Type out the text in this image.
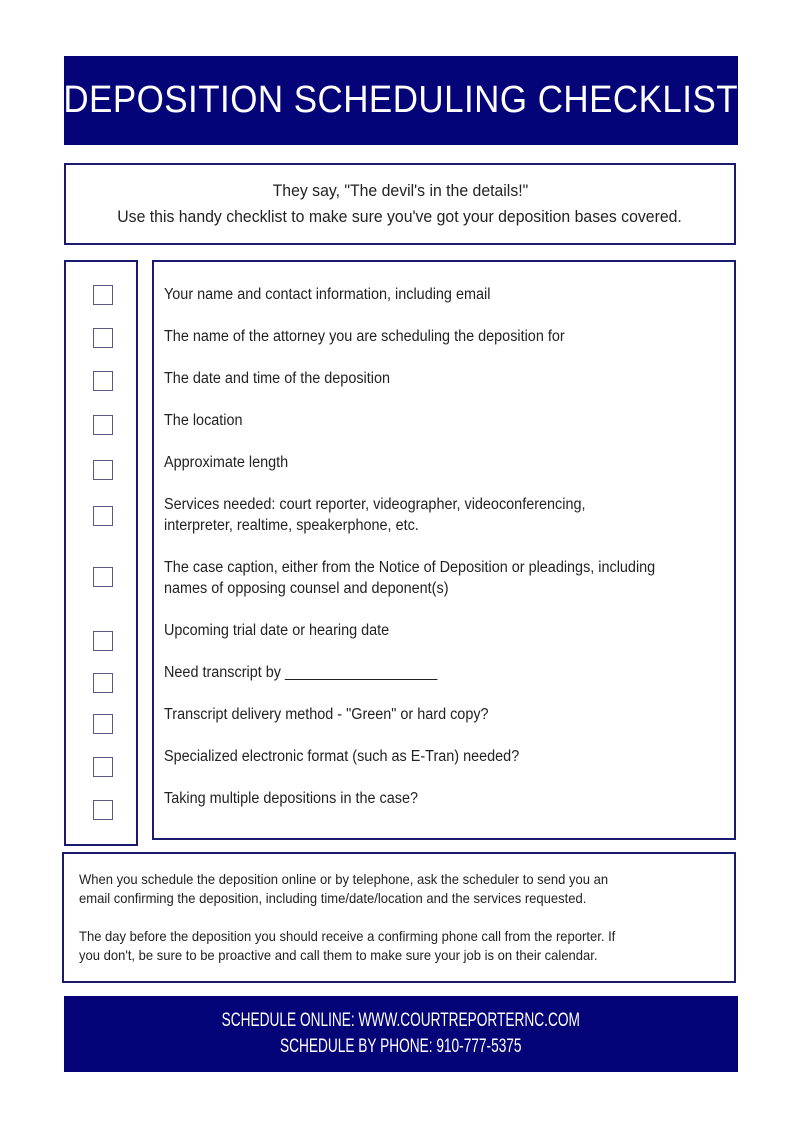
DEPOSITION SCHEDULING CHECKLIST
They say, "The devil's in the details!"
Use this handy checklist to make sure you've got your deposition bases covered.
Your name and contact information, including email
The name of the attorney you are scheduling the deposition for
The date and time of the deposition
The location
Approximate length
Services needed: court reporter, videographer, videoconferencing,
interpreter, realtime, speakerphone, etc.
The case caption, either from the Notice of Deposition or pleadings, including
names of opposing counsel and deponent(s)
Upcoming trial date or hearing date
Need transcript by ___________________
Transcript delivery method - "Green" or hard copy?
Specialized electronic format (such as E-Tran) needed?
Taking multiple depositions in the case?

When you schedule the deposition online or by telephone, ask the scheduler to send you an
email confirming the deposition, including time/date/location and the services requested.

The day before the deposition you should receive a confirming phone call from the reporter. If
you don't, be sure to be proactive and call them to make sure your job is on their calendar.

SCHEDULE ONLINE: WWW.COURTREPORTERNC.COM
SCHEDULE BY PHONE: 910-777-5375
